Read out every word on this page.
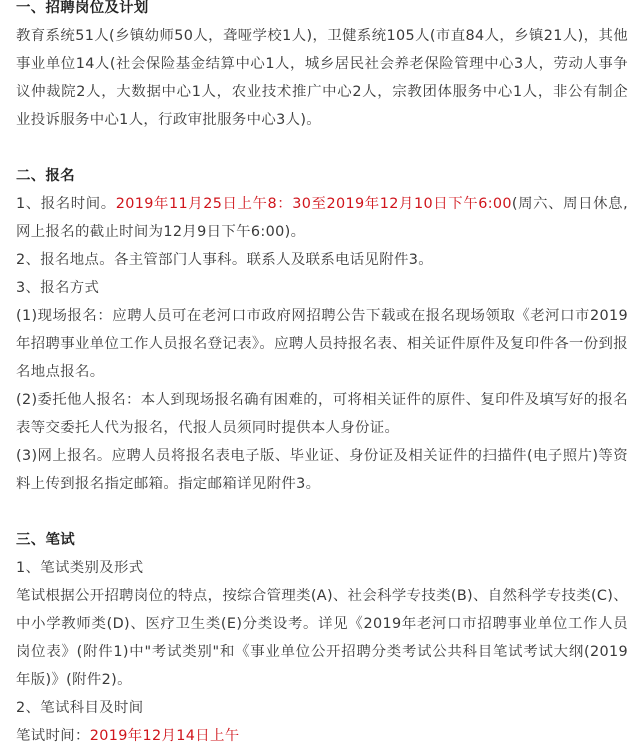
一、招聘岗位及计划

教育系统51人(乡镇幼师50人，聋哑学校1人)，卫健系统105人(市直84人，乡镇21人)，其他事业单位14人(社会保险基金结算中心1人，城乡居民社会养老保险管理中心3人，劳动人事争议仲裁院2人，大数据中心1人，农业技术推广中心2人，宗教团体服务中心1人，非公有制企业投诉服务中心1人，行政审批服务中心3人)。

二、报名

1、报名时间。2019年11月25日上午8：30至2019年12月10日下午6:00(周六、周日休息,网上报名的截止时间为12月9日下午6:00)。

2、报名地点。各主管部门人事科。联系人及联系电话见附件3。

3、报名方式

(1)现场报名：应聘人员可在老河口市政府网招聘公告下载或在报名现场领取《老河口市2019年招聘事业单位工作人员报名登记表》。应聘人员持报名表、相关证件原件及复印件各一份到报名地点报名。

(2)委托他人报名：本人到现场报名确有困难的，可将相关证件的原件、复印件及填写好的报名表等交委托人代为报名，代报人员须同时提供本人身份证。

(3)网上报名。应聘人员将报名表电子版、毕业证、身份证及相关证件的扫描件(电子照片)等资料上传到报名指定邮箱。指定邮箱详见附件3。

三、笔试

1、笔试类别及形式

笔试根据公开招聘岗位的特点，按综合管理类(A)、社会科学专技类(B)、自然科学专技类(C)、中小学教师类(D)、医疗卫生类(E)分类设考。详见《2019年老河口市招聘事业单位工作人员岗位表》(附件1)中"考试类别"和《事业单位公开招聘分类考试公共科目笔试考试大纲(2019 年版)》(附件2)。

2、笔试科目及时间

笔试时间：2019年12月14日上午
